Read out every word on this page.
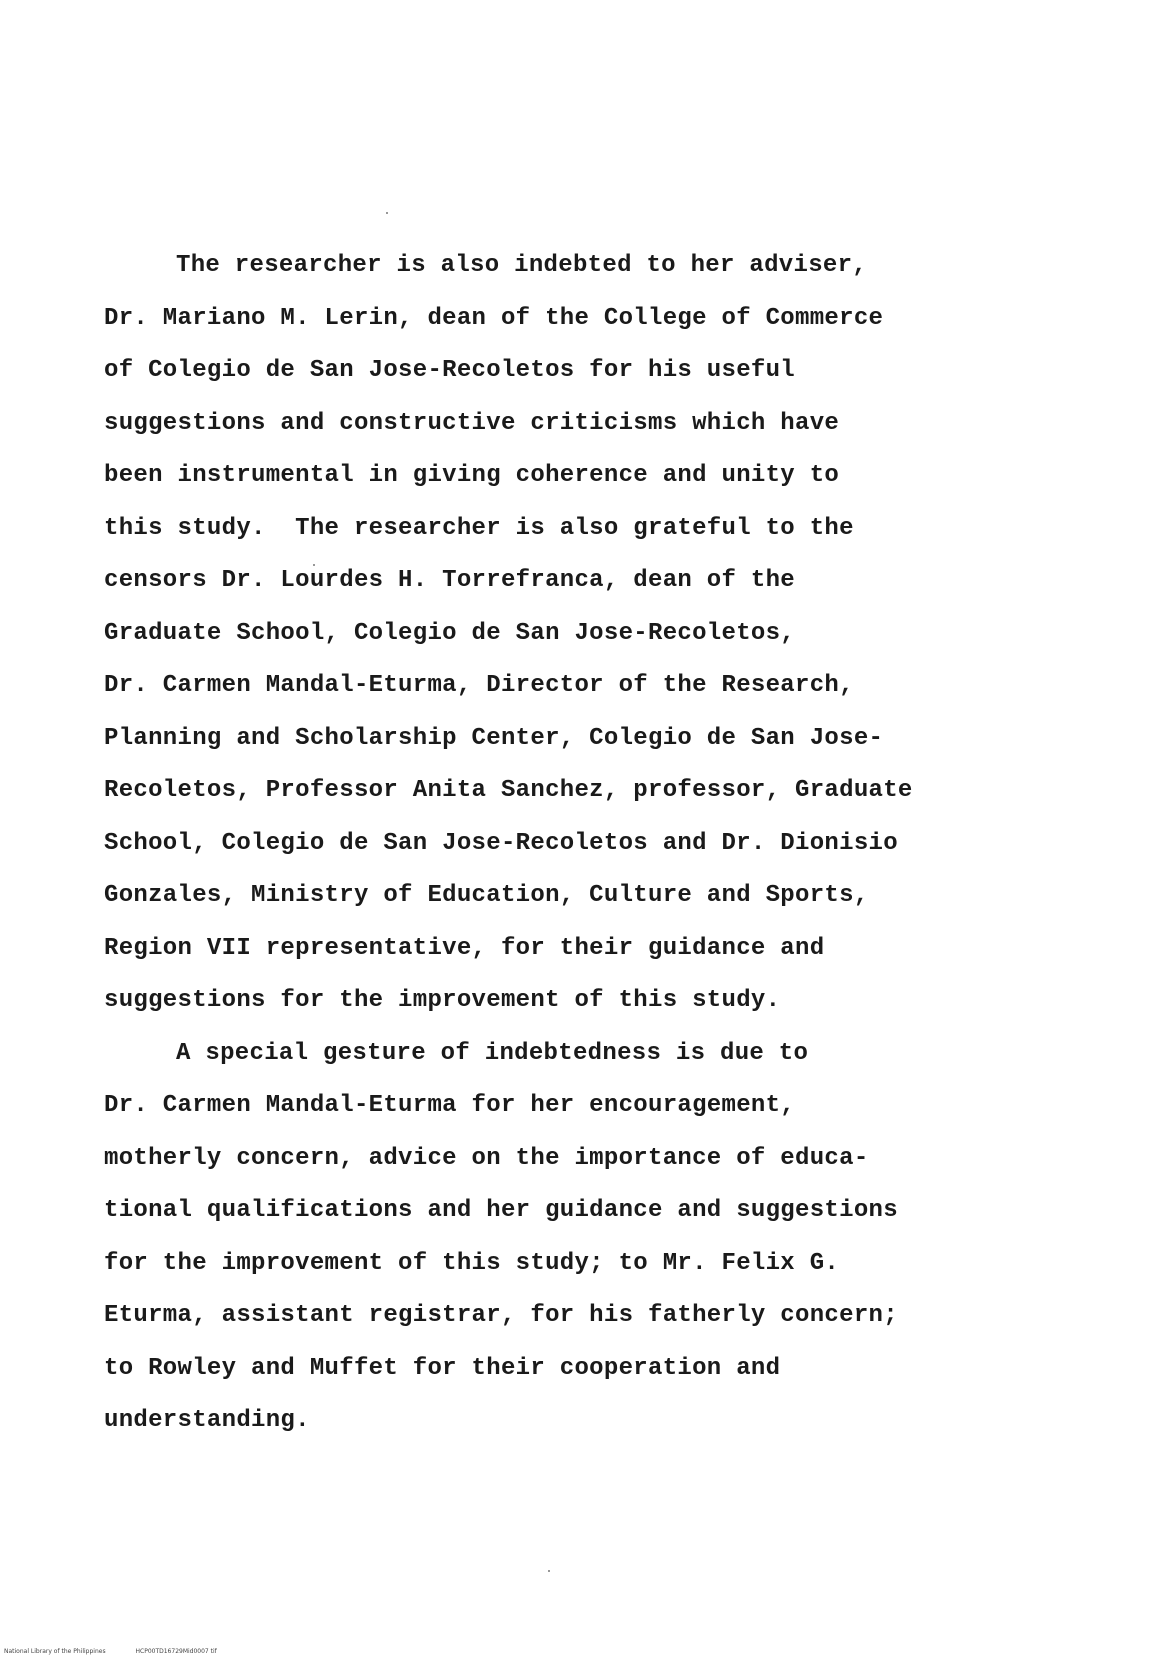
The researcher is also indebted to her adviser,
Dr. Mariano M. Lerin, dean of the College of Commerce
of Colegio de San Jose-Recoletos for his useful
suggestions and constructive criticisms which have
been instrumental in giving coherence and unity to
this study.  The researcher is also grateful to the
censors Dr. Lourdes H. Torrefranca, dean of the
Graduate School, Colegio de San Jose-Recoletos,
Dr. Carmen Mandal-Eturma, Director of the Research,
Planning and Scholarship Center, Colegio de San Jose-
Recoletos, Professor Anita Sanchez, professor, Graduate
School, Colegio de San Jose-Recoletos and Dr. Dionisio
Gonzales, Ministry of Education, Culture and Sports,
Region VII representative, for their guidance and
suggestions for the improvement of this study.
A special gesture of indebtedness is due to
Dr. Carmen Mandal-Eturma for her encouragement,
motherly concern, advice on the importance of educa-
tional qualifications and her guidance and suggestions
for the improvement of this study; to Mr. Felix G.
Eturma, assistant registrar, for his fatherly concern;
to Rowley and Muffet for their cooperation and
understanding.
National Library of the Philippines	HCP00TD16729Mid0007 tif
